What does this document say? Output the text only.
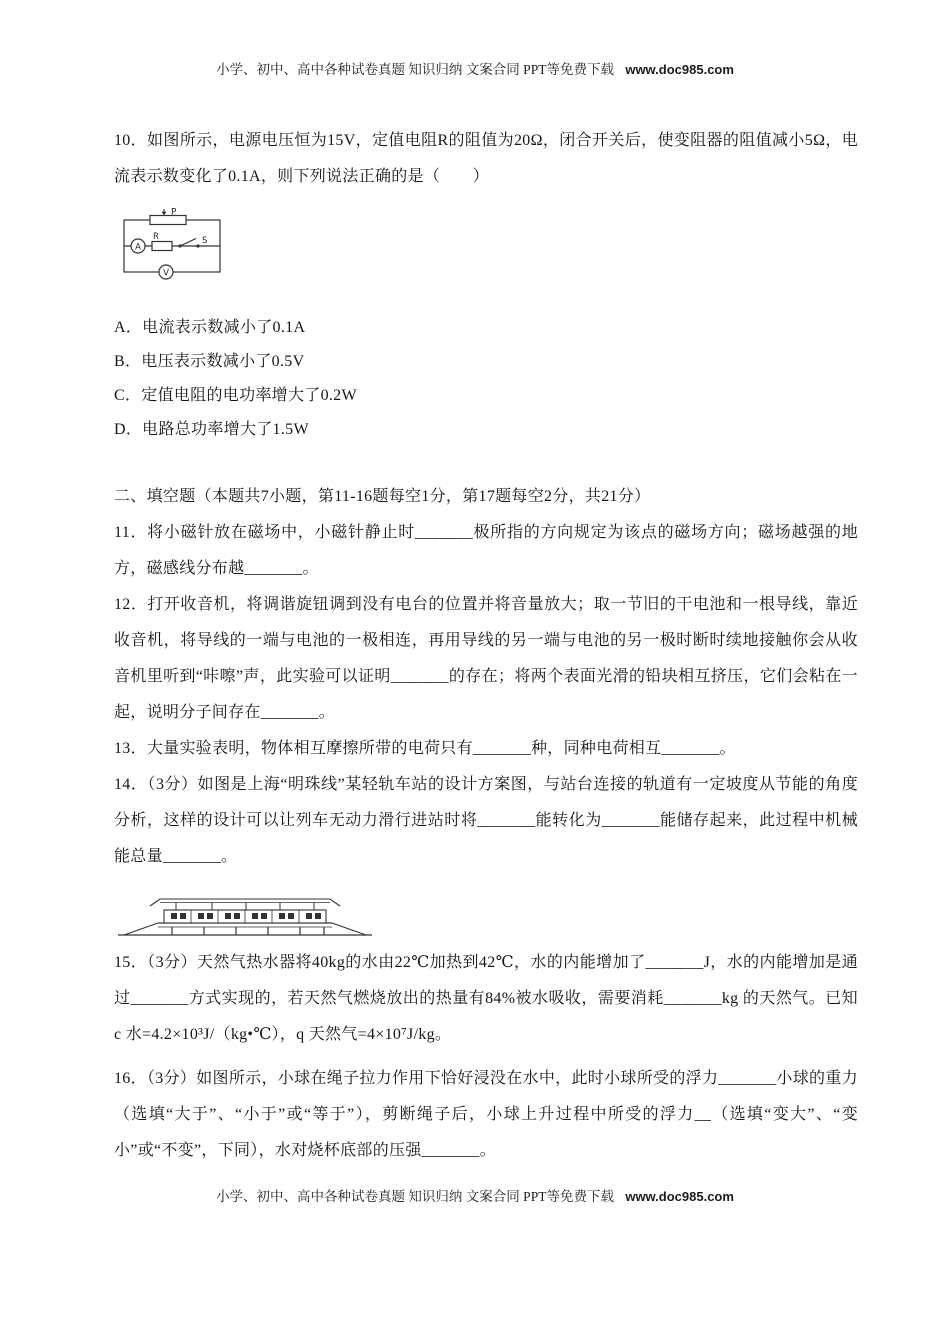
小学、初中、高中各种试卷真题 知识归纳 文案合同 PPT等免费下载 www.doc985.com

10．如图所示，电源电压恒为15V，定值电阻R的阻值为20Ω，闭合开关后，使变阻器的阻值减小5Ω，电流表示数变化了0.1A，则下列说法正确的是（　　）

P
A
R	S
V
A．电流表示数减小了0.1A
B．电压表示数减小了0.5V
C．定值电阻的电功率增大了0.2W
D．电路总功率增大了1.5W

二、填空题（本题共7小题，第11-16题每空1分，第17题每空2分，共21分）

11．将小磁针放在磁场中，小磁针静止时_______极所指的方向规定为该点的磁场方向；磁场越强的地方，磁感线分布越_______。

12．打开收音机，将调谐旋钮调到没有电台的位置并将音量放大；取一节旧的干电池和一根导线，靠近收音机，将导线的一端与电池的一极相连，再用导线的另一端与电池的另一极时断时续地接触你会从收音机里听到“咔嚓”声，此实验可以证明_______的存在；将两个表面光滑的铅块相互挤压，它们会粘在一起，说明分子间存在_______。

13．大量实验表明，物体相互摩擦所带的电荷只有_______种，同种电荷相互_______。

14．（3分）如图是上海“明珠线”某轻轨车站的设计方案图，与站台连接的轨道有一定坡度从节能的角度分析，这样的设计可以让列车无动力滑行进站时将_______能转化为_______能储存起来，此过程中机械能总量_______。

15．（3分）天然气热水器将40kg的水由22℃加热到42℃，水的内能增加了_______J，水的内能增加是通过_______方式实现的，若天然气燃烧放出的热量有84%被水吸收，需要消耗_______kg 的天然气。已知c 水=4.2×10³J/（kg•℃），q 天然气=4×10⁷J/kg。

16．（3分）如图所示，小球在绳子拉力作用下恰好浸没在水中，此时小球所受的浮力_______小球的重力（选填“大于”、“小于”或“等于”），剪断绳子后，小球上升过程中所受的浮力__（选填“变大”、“变小”或“不变”，下同），水对烧杯底部的压强_______。

小学、初中、高中各种试卷真题 知识归纳 文案合同 PPT等免费下载 www.doc985.com
